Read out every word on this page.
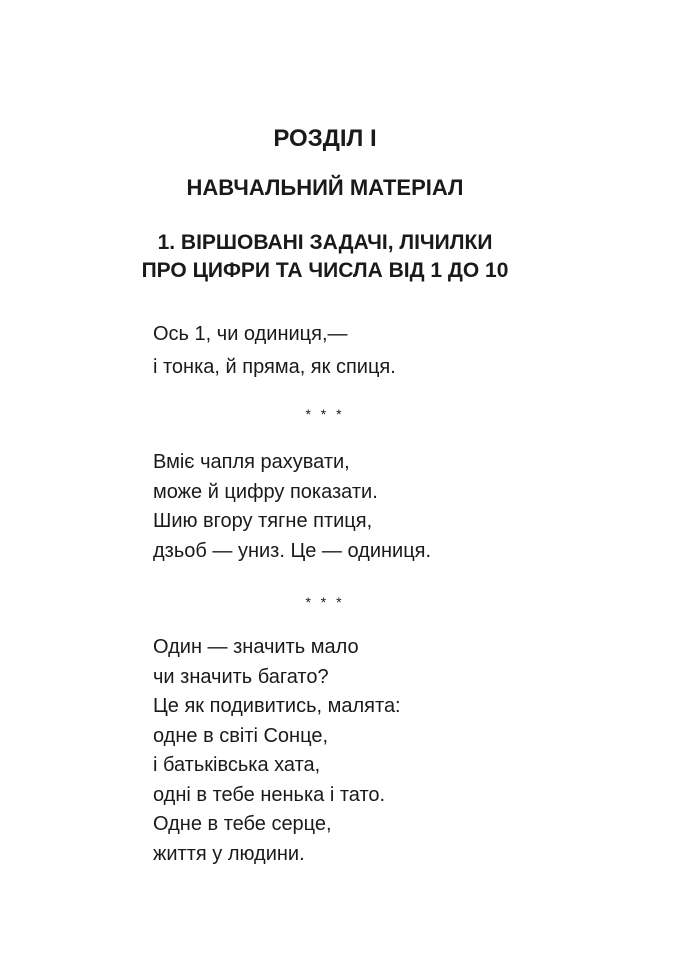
РОЗДІЛ І
НАВЧАЛЬНИЙ МАТЕРІАЛ
1. ВІРШОВАНІ ЗАДАЧІ, ЛІЧИЛКИ
ПРО ЦИФРИ ТА ЧИСЛА ВІД 1 ДО 10
Ось 1, чи одиниця,—
і тонка, й пряма, як спиця.
* * *
Вміє чапля рахувати,
може й цифру показати.
Шию вгору тягне птиця,
дзьоб — униз. Це — одиниця.
* * *
Один — значить мало
чи значить багато?
Це як подивитись, малята:
одне в світі Сонце,
і батьківська хата,
одні в тебе ненька і тато.
Одне в тебе серце,
життя у людини.
